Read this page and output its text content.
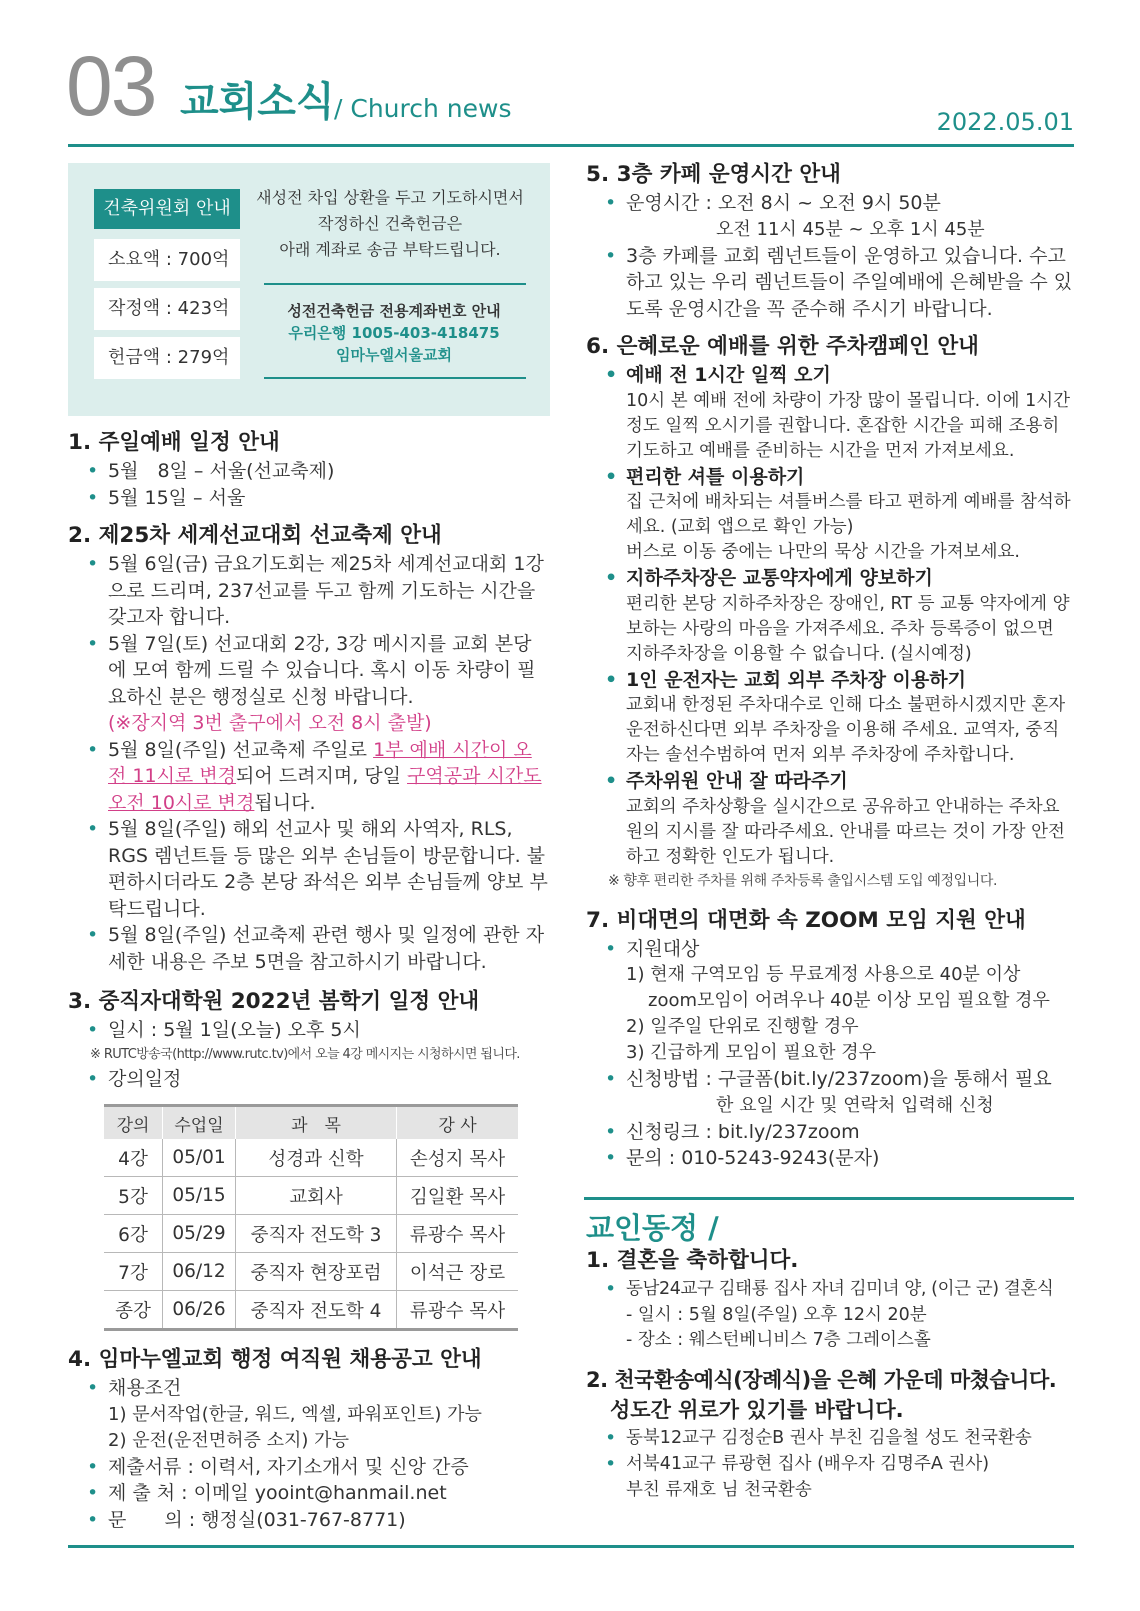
03 교회소식 / Church news	2022.05.01
건축위원회 안내
소요액 : 700억
작정액 : 423억
헌금액 : 279억
새성전 차입 상환을 두고 기도하시면서
작정하신 건축헌금은
아래 계좌로 송금 부탁드립니다.
성전건축헌금 전용계좌번호 안내
우리은행 1005-403-418475
임마누엘서울교회
1. 주일예배 일정 안내
• 5월　8일 – 서울(선교축제)
• 5월 15일 – 서울
2. 제25차 세계선교대회 선교축제 안내
• 5월 6일(금) 금요기도회는 제25차 세계선교대회 1강으로 드리며, 237선교를 두고 함께 기도하는 시간을 갖고자 합니다.
• 5월 7일(토) 선교대회 2강, 3강 메시지를 교회 본당에 모여 함께 드릴 수 있습니다. 혹시 이동 차량이 필요하신 분은 행정실로 신청 바랍니다.
(※장지역 3번 출구에서 오전 8시 출발)
• 5월 8일(주일) 선교축제 주일로 1부 예배 시간이 오전 11시로 변경되어 드려지며, 당일 구역공과 시간도 오전 10시로 변경됩니다.
• 5월 8일(주일) 해외 선교사 및 해외 사역자, RLS, RGS 렘넌트들 등 많은 외부 손님들이 방문합니다. 불편하시더라도 2층 본당 좌석은 외부 손님들께 양보 부탁드립니다.
• 5월 8일(주일) 선교축제 관련 행사 및 일정에 관한 자세한 내용은 주보 5면을 참고하시기 바랍니다.
3. 중직자대학원 2022년 봄학기 일정 안내
• 일시 : 5월 1일(오늘) 오후 5시
※ RUTC방송국(http://www.rutc.tv)에서 오늘 4강 메시지는 시청하시면 됩니다.
• 강의일정
강의	수업일	과　목	강 사
4강	05/01	성경과 신학	손성지 목사
5강	05/15	교회사	김일환 목사
6강	05/29	중직자 전도학 3	류광수 목사
7강	06/12	중직자 현장포럼	이석근 장로
종강	06/26	중직자 전도학 4	류광수 목사
4. 임마누엘교회 행정 여직원 채용공고 안내
• 채용조건
1) 문서작업(한글, 워드, 엑셀, 파워포인트) 가능
2) 운전(운전면허증 소지) 가능
• 제출서류 : 이력서, 자기소개서 및 신앙 간증
• 제 출 처 : 이메일 yooint@hanmail.net
• 문　　의 : 행정실(031-767-8771)
5. 3층 카페 운영시간 안내
• 운영시간 : 오전 8시 ~ 오전 9시 50분
오전 11시 45분 ~ 오후 1시 45분
• 3층 카페를 교회 렘넌트들이 운영하고 있습니다. 수고하고 있는 우리 렘넌트들이 주일예배에 은혜받을 수 있도록 운영시간을 꼭 준수해 주시기 바랍니다.
6. 은혜로운 예배를 위한 주차캠페인 안내
• 예배 전 1시간 일찍 오기
10시 본 예배 전에 차량이 가장 많이 몰립니다. 이에 1시간 정도 일찍 오시기를 권합니다. 혼잡한 시간을 피해 조용히 기도하고 예배를 준비하는 시간을 먼저 가져보세요.
• 편리한 셔틀 이용하기
집 근처에 배차되는 셔틀버스를 타고 편하게 예배를 참석하세요. (교회 앱으로 확인 가능)
버스로 이동 중에는 나만의 묵상 시간을 가져보세요.
• 지하주차장은 교통약자에게 양보하기
편리한 본당 지하주차장은 장애인, RT 등 교통 약자에게 양보하는 사랑의 마음을 가져주세요. 주차 등록증이 없으면 지하주차장을 이용할 수 없습니다. (실시예정)
• 1인 운전자는 교회 외부 주차장 이용하기
교회내 한정된 주차대수로 인해 다소 불편하시겠지만 혼자 운전하신다면 외부 주차장을 이용해 주세요. 교역자, 중직자는 솔선수범하여 먼저 외부 주차장에 주차합니다.
• 주차위원 안내 잘 따라주기
교회의 주차상황을 실시간으로 공유하고 안내하는 주차요원의 지시를 잘 따라주세요. 안내를 따르는 것이 가장 안전하고 정확한 인도가 됩니다.
※ 향후 편리한 주차를 위해 주차등록 출입시스템 도입 예정입니다.
7. 비대면의 대면화 속 ZOOM 모임 지원 안내
• 지원대상
1) 현재 구역모임 등 무료계정 사용으로 40분 이상
zoom모임이 어려우나 40분 이상 모임 필요할 경우
2) 일주일 단위로 진행할 경우
3) 긴급하게 모임이 필요한 경우
• 신청방법 : 구글폼(bit.ly/237zoom)을 통해서 필요
한 요일 시간 및 연락처 입력해 신청
• 신청링크 : bit.ly/237zoom
• 문의 : 010-5243-9243(문자)
교인동정 /
1. 결혼을 축하합니다.
• 동남24교구 김태룡 집사 자녀 김미녀 양, (이근 군) 결혼식
- 일시 : 5월 8일(주일) 오후 12시 20분
- 장소 : 웨스턴베니비스 7층 그레이스홀
2. 천국환송예식(장례식)을 은혜 가운데 마쳤습니다.
성도간 위로가 있기를 바랍니다.
• 동북12교구 김정순B 권사 부친 김을철 성도 천국환송
• 서북41교구 류광현 집사 (배우자 김명주A 권사)
부친 류재호 님 천국환송
